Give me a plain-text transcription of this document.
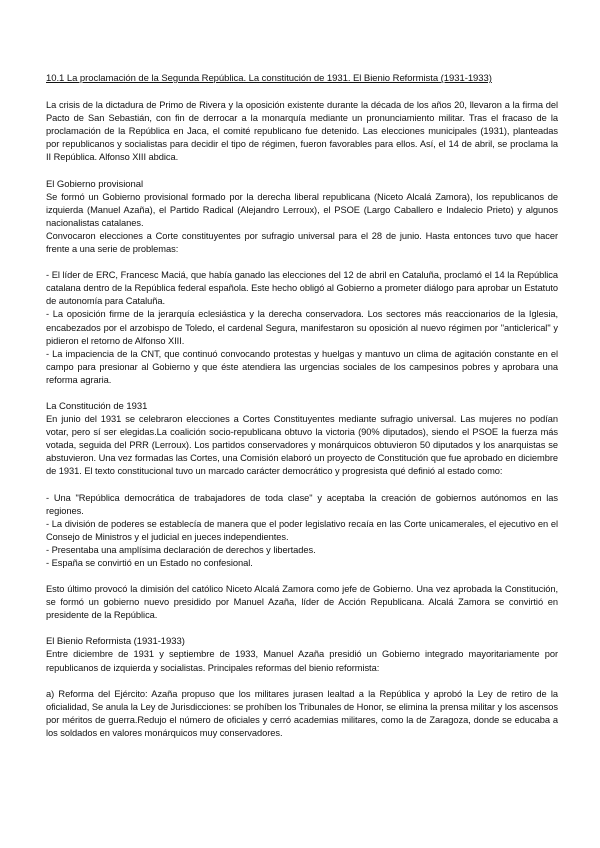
10.1 La proclamación de la Segunda República. La constitución de 1931. El Bienio Reformista (1931-1933)

La crisis de la dictadura de Primo de Rivera y la oposición existente durante la década de los años 20, llevaron a la firma del Pacto de San Sebastián, con fin de derrocar a la monarquía mediante un pronunciamiento militar. Tras el fracaso de la proclamación de la República en Jaca, el comité republicano fue detenido. Las elecciones municipales (1931), planteadas por republicanos y socialistas para decidir el tipo de régimen, fueron favorables para ellos. Así, el 14 de abril, se proclama la II República. Alfonso XIII abdica.

El Gobierno provisional

Se formó un Gobierno provisional formado por la derecha liberal republicana (Niceto Alcalá Zamora), los republicanos de izquierda (Manuel Azaña), el Partido Radical (Alejandro Lerroux), el PSOE (Largo Caballero e Indalecio Prieto) y algunos nacionalistas catalanes.

Convocaron elecciones a Corte constituyentes por sufragio universal para el 28 de junio. Hasta entonces tuvo que hacer frente a una serie de problemas:

- El líder de ERC, Francesc Maciá, que había ganado las elecciones del 12 de abril en Cataluña, proclamó el 14 la República catalana dentro de la República federal española. Este hecho obligó al Gobierno a prometer diálogo para aprobar un Estatuto de autonomía para Cataluña.

- La oposición firme de la jerarquía eclesiástica y la derecha conservadora. Los sectores más reaccionarios de la Iglesia, encabezados por el arzobispo de Toledo, el cardenal Segura, manifestaron su oposición al nuevo régimen por "anticlerical" y pidieron el retorno de Alfonso XIII.

- La impaciencia de la CNT, que continuó convocando protestas y huelgas y mantuvo un clima de agitación constante en el campo para presionar al Gobierno y que éste atendiera las urgencias sociales de los campesinos pobres y aprobara una reforma agraria.

La Constitución de 1931

En junio del 1931 se celebraron elecciones a Cortes Constituyentes mediante sufragio universal. Las mujeres no podían votar, pero sí ser elegidas.La coalición socio-republicana obtuvo la victoria (90% diputados), siendo el PSOE la fuerza más votada, seguida del PRR (Lerroux). Los partidos conservadores y monárquicos obtuvieron 50 diputados y los anarquistas se abstuvieron. Una vez formadas las Cortes, una Comisión elaboró un proyecto de Constitución que fue aprobado en diciembre de 1931. El texto constitucional tuvo un marcado carácter democrático y progresista qué definió al estado como:

- Una "República democrática de trabajadores de toda clase" y aceptaba la creación de gobiernos autónomos en las regiones.

- La división de poderes se establecía de manera que el poder legislativo recaía en las Corte unicamerales, el ejecutivo en el Consejo de Ministros y el judicial en jueces independientes.

- Presentaba una amplísima declaración de derechos y libertades.

- España se convirtió en un Estado no confesional.

Esto último provocó la dimisión del católico Niceto Alcalá Zamora como jefe de Gobierno. Una vez aprobada la Constitución, se formó un gobierno nuevo presidido por Manuel Azaña, líder de Acción Republicana. Alcalá Zamora se convirtió en presidente de la República.

El Bienio Reformista (1931-1933)

Entre diciembre de 1931 y septiembre de 1933, Manuel Azaña presidió un Gobierno integrado mayoritariamente por republicanos de izquierda y socialistas. Principales reformas del bienio reformista:

a) Reforma del Ejército: Azaña propuso que los militares jurasen lealtad a la República y aprobó la Ley de retiro de la oficialidad, Se anula la Ley de Jurisdicciones: se prohíben los Tribunales de Honor, se elimina la prensa militar y los ascensos por méritos de guerra.Redujo el número de oficiales y cerró academias militares, como la de Zaragoza, donde se educaba a los soldados en valores monárquicos muy conservadores.
